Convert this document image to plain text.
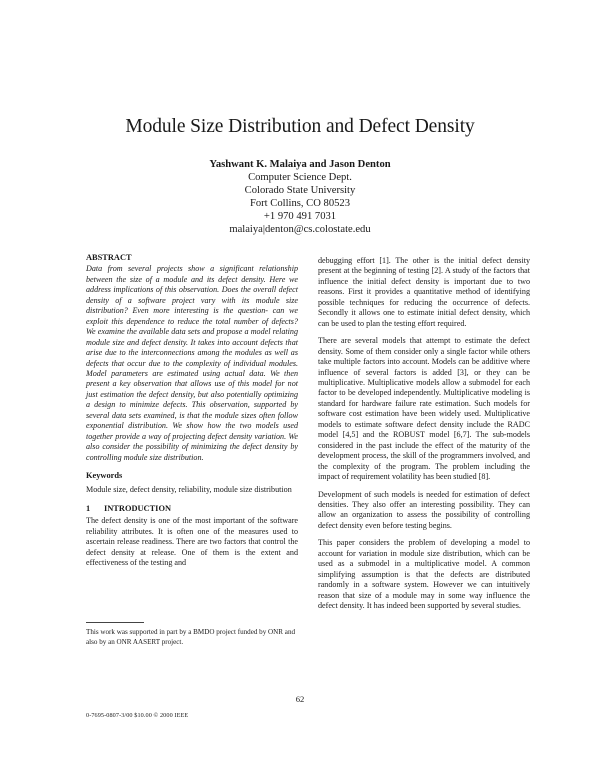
Module Size Distribution and Defect Density
Yashwant K. Malaiya and Jason Denton
Computer Science Dept.
Colorado State University
Fort Collins, CO 80523
+1 970 491 7031
malaiya|denton@cs.colostate.edu
ABSTRACT

Data from several projects show a significant relationship between the size of a module and its defect density. Here we address implications of this observation. Does the overall defect density of a software project vary with its module size distribution? Even more interesting is the question- can we exploit this dependence to reduce the total number of defects? We examine the available data sets and propose a model relating module size and defect density. It takes into account defects that arise due to the interconnections among the modules as well as defects that occur due to the complexity of individual modules. Model parameters are estimated using actual data. We then present a key observation that allows use of this model for not just estimation the defect density, but also potentially optimizing a design to minimize defects. This observation, supported by several data sets examined, is that the module sizes often follow exponential distribution. We show how the two models used together provide a way of projecting defect density variation. We also consider the possibility of minimizing the defect density by controlling module size distribution.

Keywords

Module size, defect density, reliability, module size distribution

1 INTRODUCTION

The defect density is one of the most important of the software reliability attributes. It is often one of the measures used to ascertain release readiness. There are two factors that control the defect density at release. One of them is the extent and effectiveness of the testing and

This work was supported in part by a BMDO project funded by ONR and also by an ONR AASERT project.

debugging effort [1]. The other is the initial defect density present at the beginning of testing [2]. A study of the factors that influence the initial defect density is important due to two reasons. First it provides a quantitative method of identifying possible techniques for reducing the occurrence of defects. Secondly it allows one to estimate initial defect density, which can be used to plan the testing effort required.

There are several models that attempt to estimate the defect density. Some of them consider only a single factor while others take multiple factors into account. Models can be additive where influence of several factors is added [3], or they can be multiplicative. Multiplicative models allow a submodel for each factor to be developed independently. Multiplicative modeling is standard for hardware failure rate estimation. Such models for software cost estimation have been widely used. Multiplicative models to estimate software defect density include the RADC model [4,5] and the ROBUST model [6,7]. The sub-models considered in the past include the effect of the maturity of the development process, the skill of the programmers involved, and the complexity of the program. The problem including the impact of requirement volatility has been studied [8].

Development of such models is needed for estimation of defect densities. They also offer an interesting possibility. They can allow an organization to assess the possibility of controlling defect density even before testing begins.

This paper considers the problem of developing a model to account for variation in module size distribution, which can be used as a submodel in a multiplicative model. A common simplifying assumption is that the defects are distributed randomly in a software system. However we can intuitively reason that size of a module may in some way influence the defect density. It has indeed been supported by several studies.

62
0-7695-0807-3/00 $10.00 © 2000 IEEE
